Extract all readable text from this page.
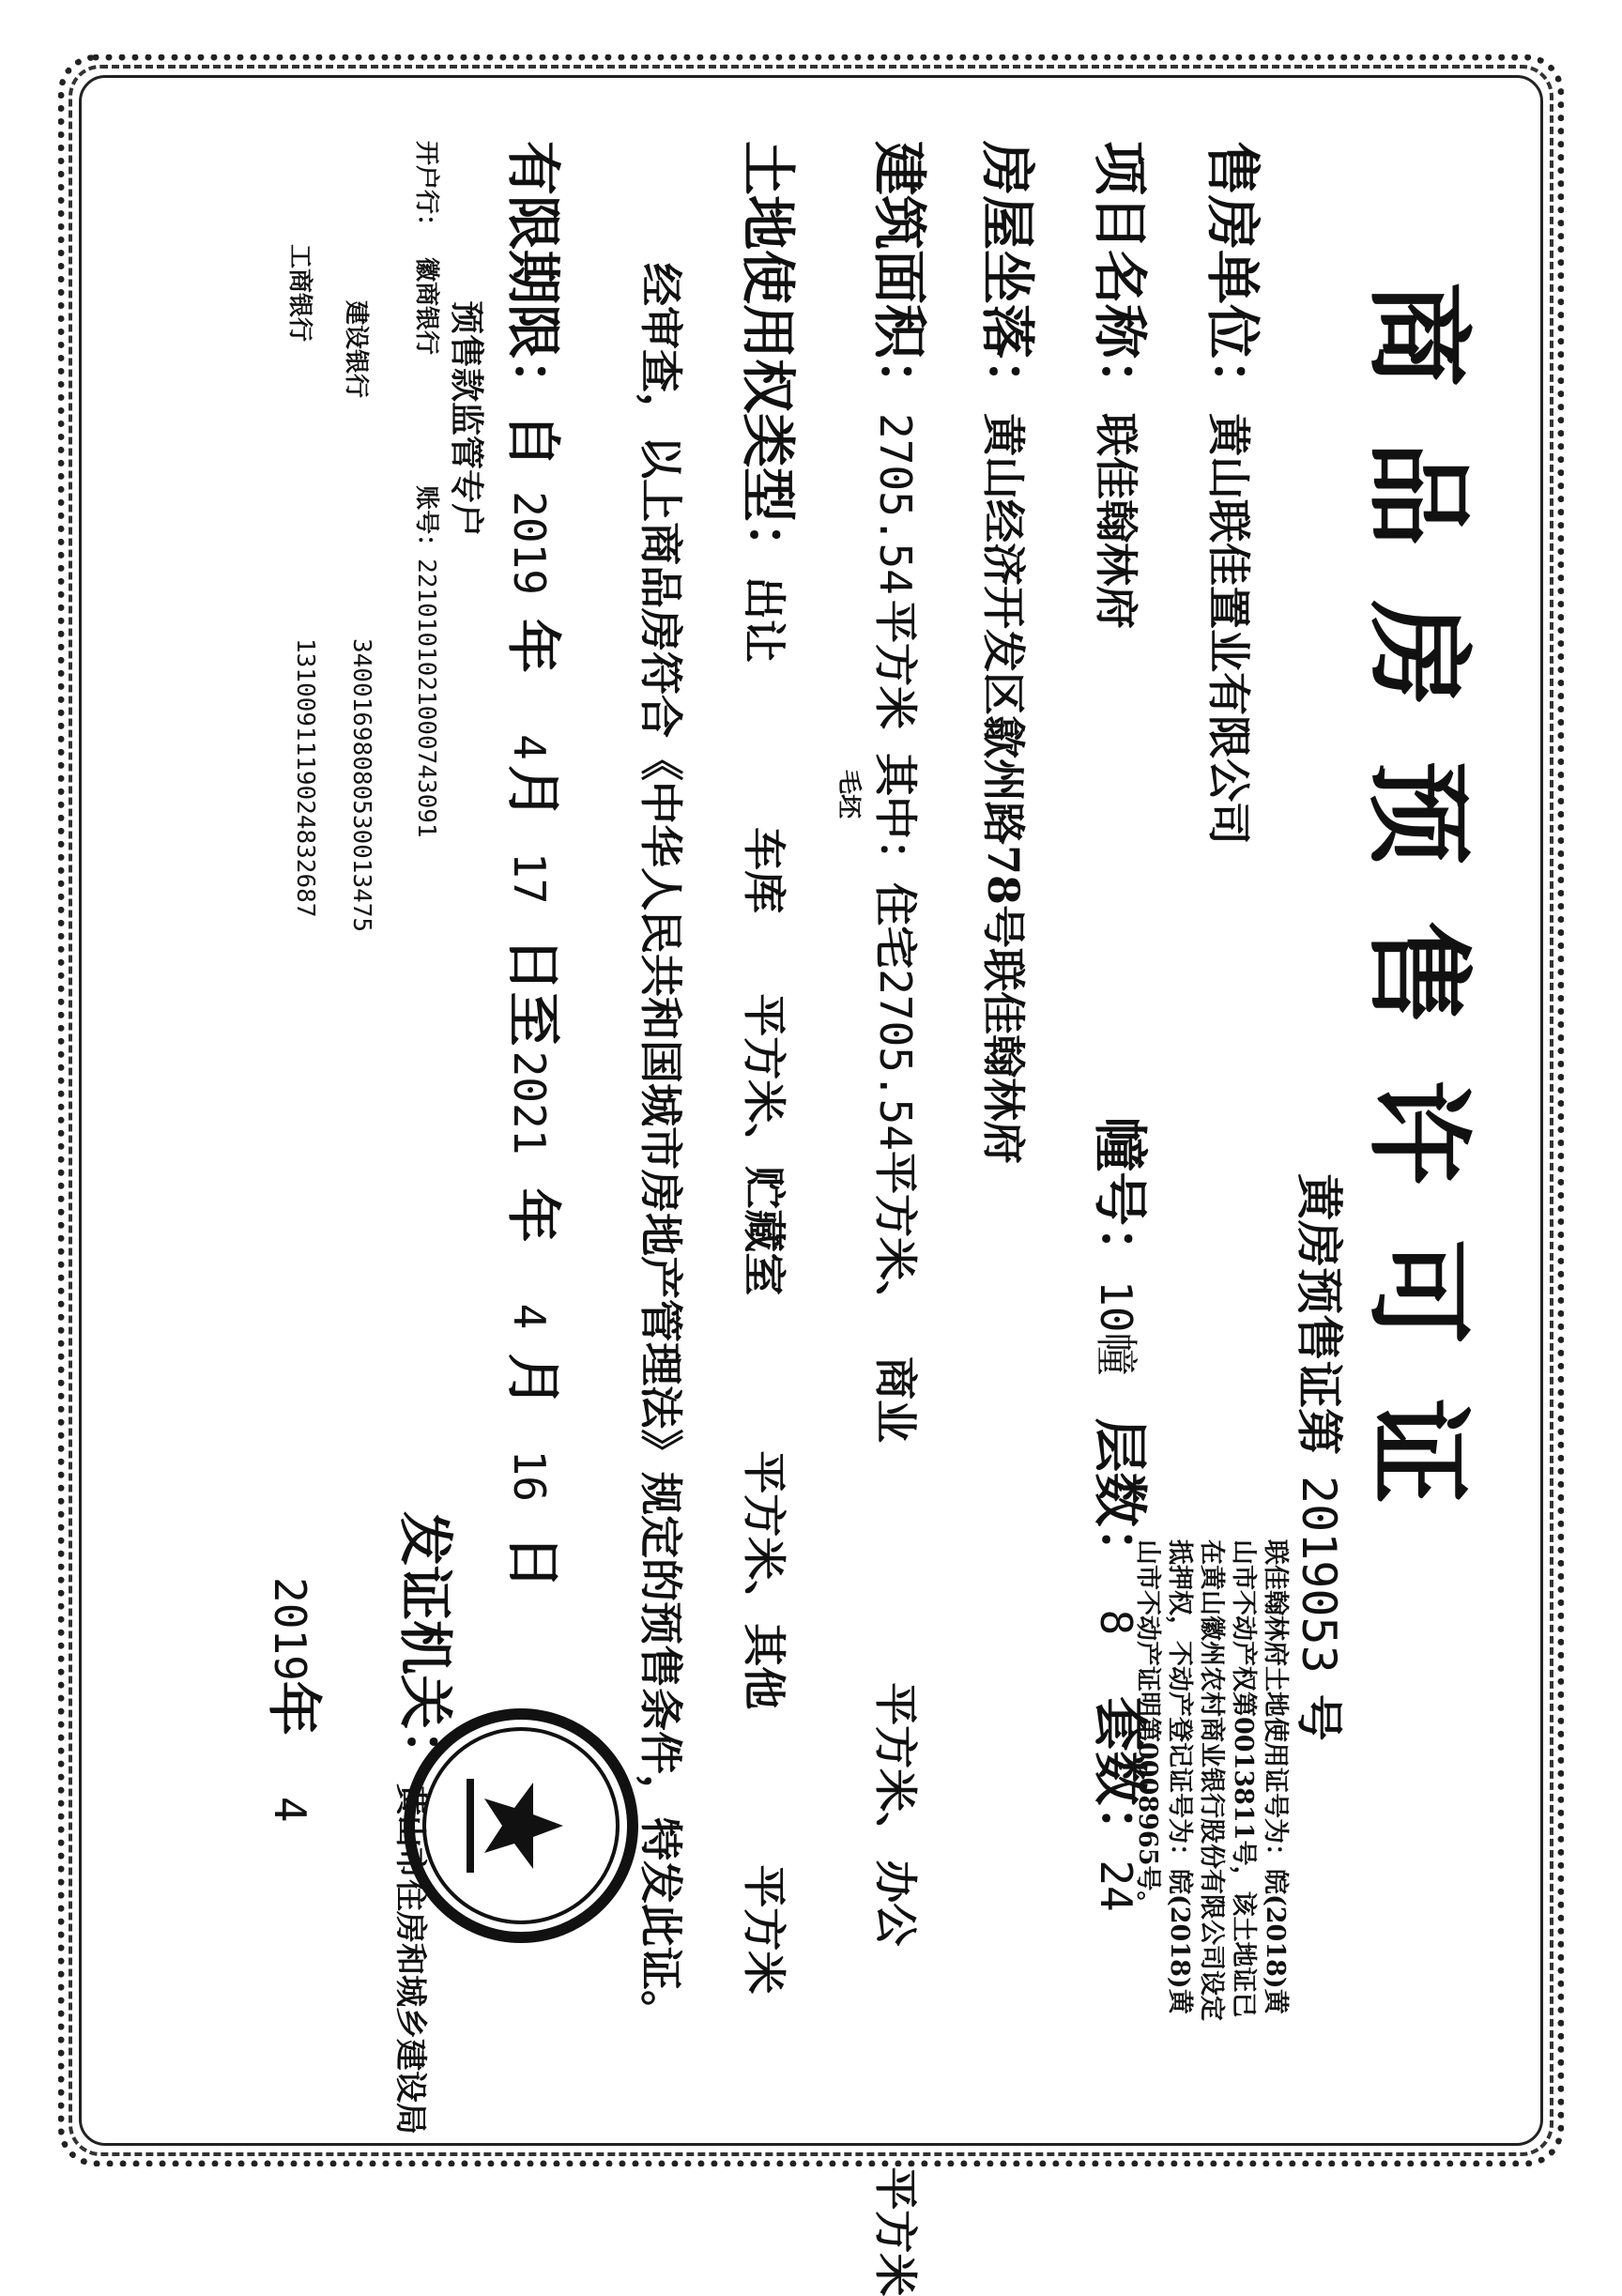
商品房预售许可证
黄房预售证第2019053号
联佳翰林府土地使用证号为：皖(2018)黄山市不动产权第0013811号，该土地证已在黄山徽州农村商业银行股份有限公司设定抵押权，不动产登记证号为：皖(2018)黄山市不动产证明第0008965号。
售房单位：黄山联佳置业有限公司
项目名称：联佳翰林府
幢号：10幢 层数：8 套数：24
房屋坐落：黄山经济开发区歙州路78号联佳翰林府
建筑面积：2705.54 平方米 其中：住宅2705.54平方米、 商业 平方米、 办公 平方米
毛坯
土地使用权类型：出让 车库 平方米、贮藏室 平方米、其他 平方米
经审查，以上商品房符合《中华人民共和国城市房地产管理法》规定的预售条件，特发此证。
有限期限：自 2019 年 4 月 17 日至 2021 年 4 月 16 日
预售款监管专户
开户行：徽商银行 账号：2210101021000743091
建设银行
34001698080530013475
工商银行
1310091119024832687
发证机关：
黄山市住房和城乡建设局
2019年 4
